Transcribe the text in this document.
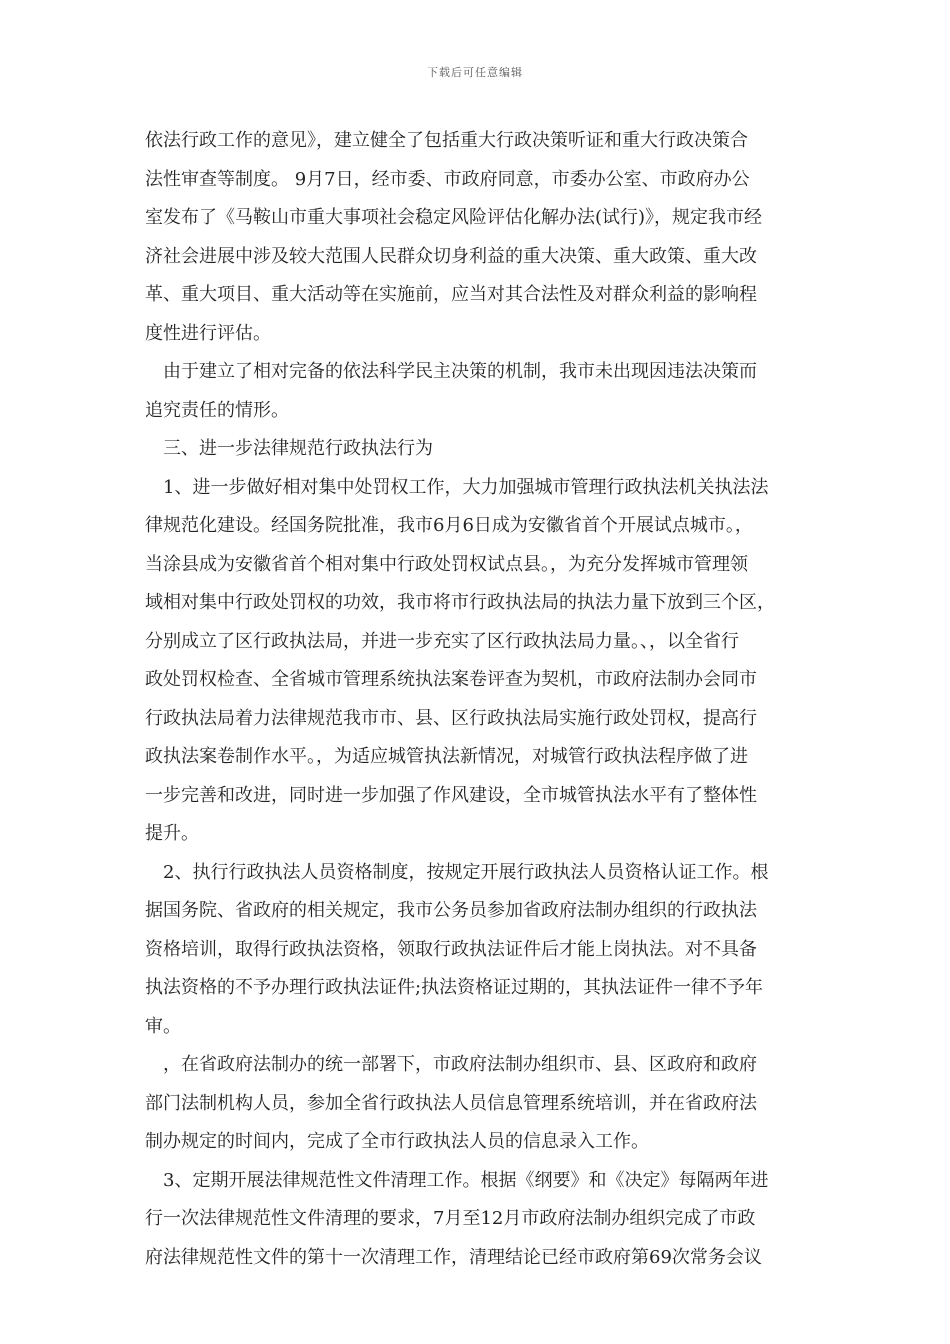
下载后可任意编辑
依法行政工作的意见》，建立健全了包括重大行政决策听证和重大行政决策合
法性审查等制度。 9月7日，经市委、市政府同意，市委办公室、市政府办公
室发布了《马鞍山市重大事项社会稳定风险评估化解办法(试行)》，规定我市经
济社会进展中涉及较大范围人民群众切身利益的重大决策、重大政策、重大改
革、重大项目、重大活动等在实施前，应当对其合法性及对群众利益的影响程
度性进行评估。
由于建立了相对完备的依法科学民主决策的机制，我市未出现因违法决策而
追究责任的情形。
三、进一步法律规范行政执法行为
1、进一步做好相对集中处罚权工作，大力加强城市管理行政执法机关执法法
律规范化建设。经国务院批准，我市6月6日成为安徽省首个开展试点城市。，
当涂县成为安徽省首个相对集中行政处罚权试点县。，为充分发挥城市管理领
域相对集中行政处罚权的功效，我市将市行政执法局的执法力量下放到三个区，
分别成立了区行政执法局，并进一步充实了区行政执法局力量。、，以全省行
政处罚权检查、全省城市管理系统执法案卷评查为契机，市政府法制办会同市
行政执法局着力法律规范我市市、县、区行政执法局实施行政处罚权，提高行
政执法案卷制作水平。，为适应城管执法新情况，对城管行政执法程序做了进
一步完善和改进，同时进一步加强了作风建设，全市城管执法水平有了整体性
提升。
2、执行行政执法人员资格制度，按规定开展行政执法人员资格认证工作。根
据国务院、省政府的相关规定，我市公务员参加省政府法制办组织的行政执法
资格培训，取得行政执法资格，领取行政执法证件后才能上岗执法。对不具备
执法资格的不予办理行政执法证件;执法资格证过期的，其执法证件一律不予年
审。
，在省政府法制办的统一部署下，市政府法制办组织市、县、区政府和政府
部门法制机构人员，参加全省行政执法人员信息管理系统培训，并在省政府法
制办规定的时间内，完成了全市行政执法人员的信息录入工作。
3、定期开展法律规范性文件清理工作。根据《纲要》和《决定》每隔两年进
行一次法律规范性文件清理的要求，7月至12月市政府法制办组织完成了市政
府法律规范性文件的第十一次清理工作，清理结论已经市政府第69次常务会议
